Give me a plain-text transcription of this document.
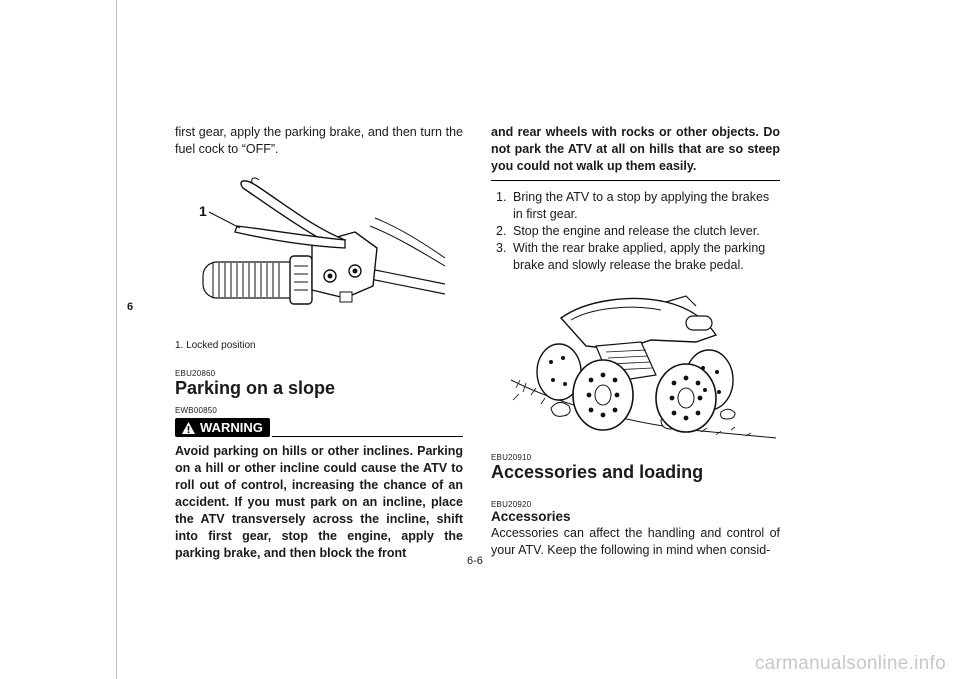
6

first gear, apply the parking brake, and then turn the fuel cock to “OFF”.

1

1. Locked position

EBU20860

Parking on a slope

EWB00850

WARNING

Avoid parking on hills or other inclines. Parking on a hill or other incline could cause the ATV to roll out of control, increasing the chance of an accident. If you must park on an incline, place the ATV transversely across the incline, shift into first gear, stop the engine, apply the parking brake, and then block the front

and rear wheels with rocks or other objects. Do not park the ATV at all on hills that are so steep you could not walk up them easily.

1. Bring the ATV to a stop by applying the brakes in first gear.
2. Stop the engine and release the clutch lever.
3. With the rear brake applied, apply the parking brake and slowly release the brake pedal.

EBU20910

Accessories and loading

EBU20920

Accessories

Accessories can affect the handling and control of your ATV. Keep the following in mind when consid-

6-6
carmanualsonline.info
